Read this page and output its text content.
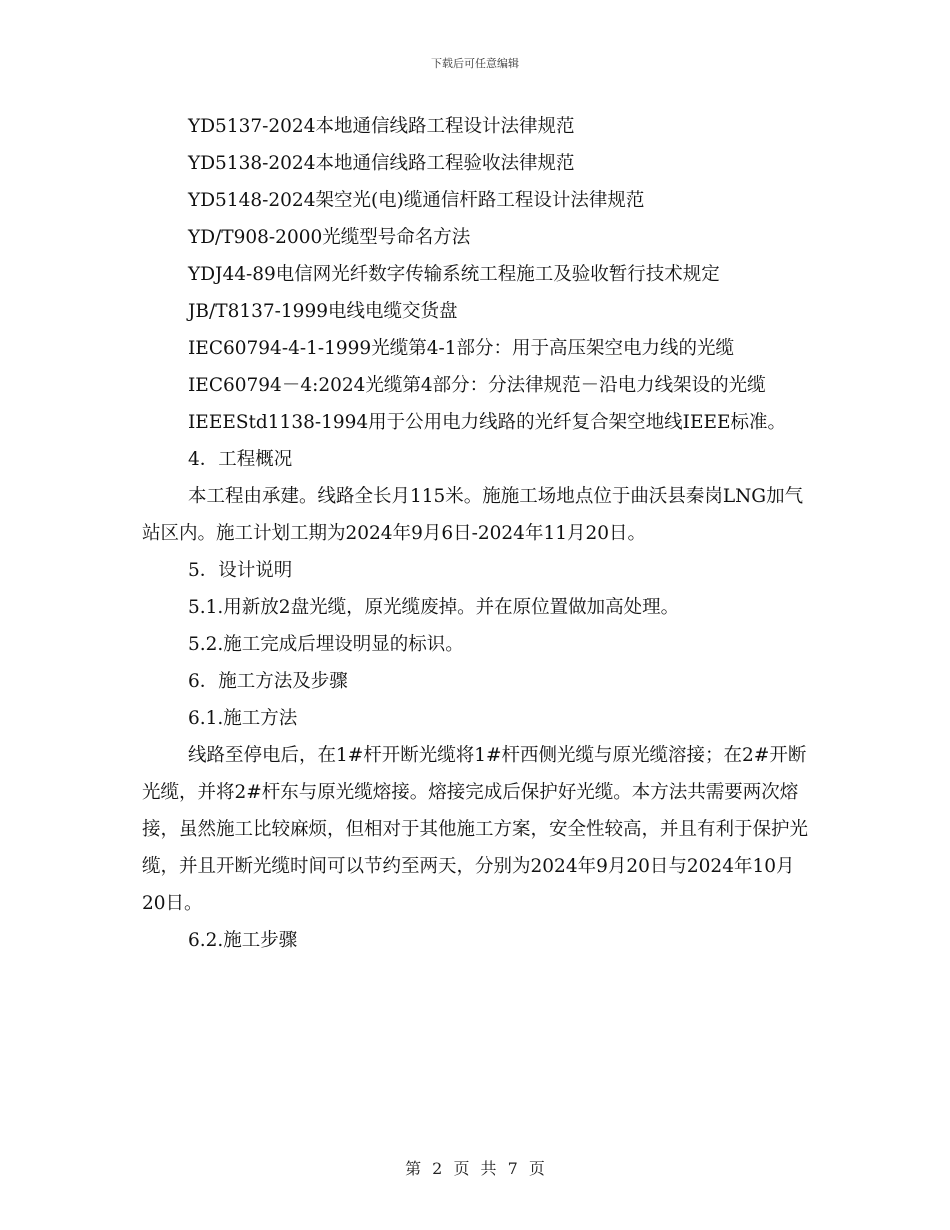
下载后可任意编辑

YD5137-2024本地通信线路工程设计法律规范

YD5138-2024本地通信线路工程验收法律规范

YD5148-2024架空光(电)缆通信杆路工程设计法律规范

YD/T908-2000光缆型号命名方法

YDJ44-89电信网光纤数字传输系统工程施工及验收暂行技术规定

JB/T8137-1999电线电缆交货盘

IEC60794-4-1-1999光缆第4-1部分：用于高压架空电力线的光缆

IEC60794－4:2024光缆第4部分：分法律规范－沿电力线架设的光缆

IEEEStd1138-1994用于公用电力线路的光纤复合架空地线IEEE标准。

4．工程概况

本工程由承建。线路全长月115米。施施工场地点位于曲沃县秦岗LNG加气站区内。施工计划工期为2024年9月6日-2024年11月20日。

5．设计说明

5.1.用新放2盘光缆，原光缆废掉。并在原位置做加高处理。

5.2.施工完成后埋设明显的标识。

6．施工方法及步骤

6.1.施工方法

线路至停电后，在1#杆开断光缆将1#杆西侧光缆与原光缆溶接；在2#开断光缆，并将2#杆东与原光缆熔接。熔接完成后保护好光缆。本方法共需要两次熔接，虽然施工比较麻烦，但相对于其他施工方案，安全性较高，并且有利于保护光缆，并且开断光缆时间可以节约至两天，分别为2024年9月20日与2024年10月20日。

6.2.施工步骤

第 2 页 共 7 页
